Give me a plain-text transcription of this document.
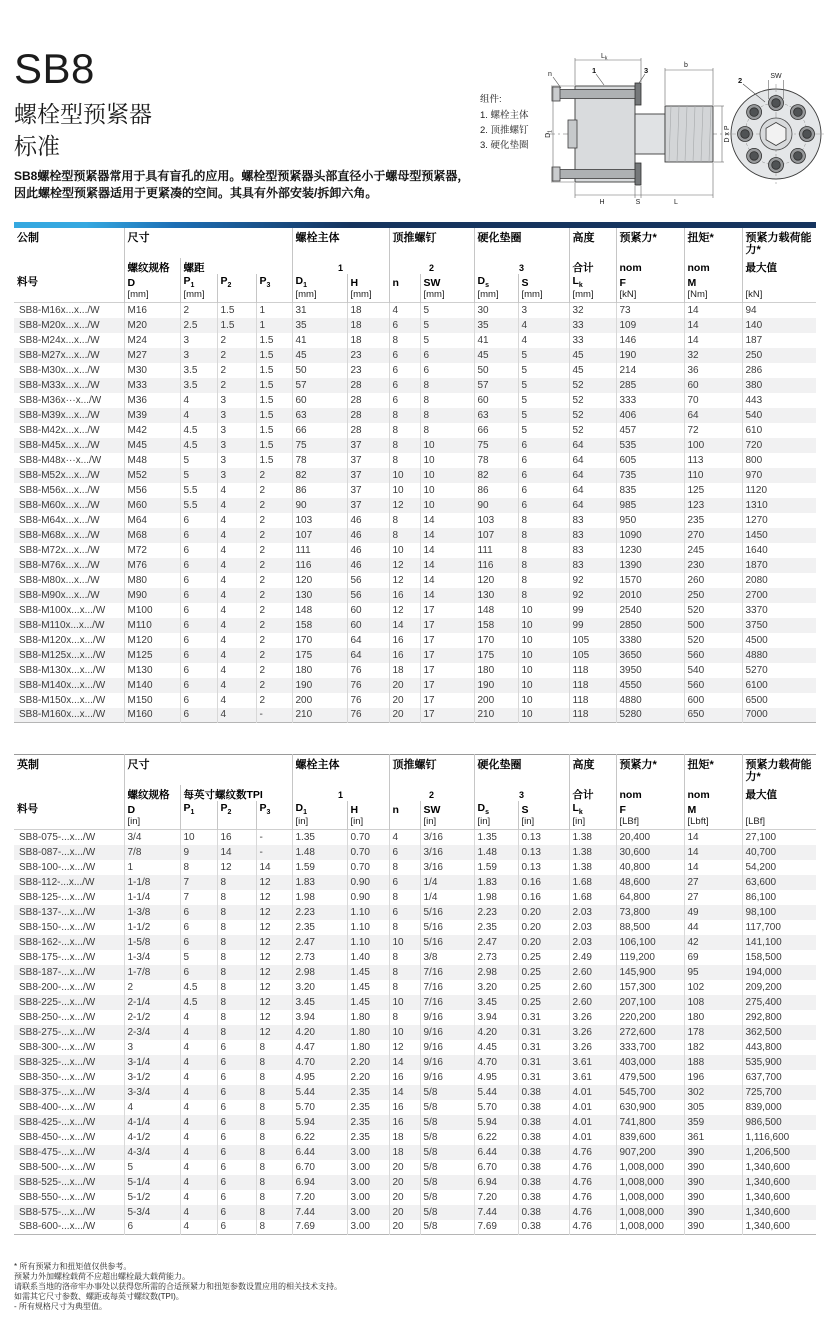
SB8
螺栓型预紧器
标准
SB8螺栓型预紧器常用于具有盲孔的应用。螺栓型预紧器头部直径小于螺母型预紧器，
因此螺栓型预紧器适用于更紧凑的空间。其具有外部安装/拆卸六角。
组件:
1. 螺栓主体
2. 顶推螺钉
3. 硬化垫圈
$L_k$
b
n	1	3
$D_1$	D x P
H	S	L
SW
2
公制	尺寸				螺栓主体		顶推螺钉		硬化垫圈		高度	预紧力*	扭矩*	预紧力载荷能力*
	螺纹规格	螺距			1		2		3		合计	nom	nom	最大值
料号	D	$P_1$	$P_2$	$P_3$	$D_1$	H	n	SW	$D_s$	S	$L_k$	F	M	
	[mm]	[mm]			[mm]	[mm]		[mm]	[mm]	[mm]	[mm]	[kN]	[Nm]	[kN]
SB8-M16x...x.../W	M16	2	1.5	1	31	18	4	5	30	3	32	73	14	94
SB8-M20x...x.../W	M20	2.5	1.5	1	35	18	6	5	35	4	33	109	14	140
SB8-M24x...x.../W	M24	3	2	1.5	41	18	8	5	41	4	33	146	14	187
SB8-M27x...x.../W	M27	3	2	1.5	45	23	6	6	45	5	45	190	32	250
SB8-M30x...x.../W	M30	3.5	2	1.5	50	23	6	6	50	5	45	214	36	286
SB8-M33x...x.../W	M33	3.5	2	1.5	57	28	6	8	57	5	52	285	60	380
SB8-M36x···x.../W	M36	4	3	1.5	60	28	6	8	60	5	52	333	70	443
SB8-M39x...x.../W	M39	4	3	1.5	63	28	8	8	63	5	52	406	64	540
SB8-M42x...x.../W	M42	4.5	3	1.5	66	28	8	8	66	5	52	457	72	610
SB8-M45x...x.../W	M45	4.5	3	1.5	75	37	8	10	75	6	64	535	100	720
SB8-M48x···x.../W	M48	5	3	1.5	78	37	8	10	78	6	64	605	113	800
SB8-M52x...x.../W	M52	5	3	2	82	37	10	10	82	6	64	735	110	970
SB8-M56x...x.../W	M56	5.5	4	2	86	37	10	10	86	6	64	835	125	1120
SB8-M60x...x.../W	M60	5.5	4	2	90	37	12	10	90	6	64	985	123	1310
SB8-M64x...x.../W	M64	6	4	2	103	46	8	14	103	8	83	950	235	1270
SB8-M68x...x.../W	M68	6	4	2	107	46	8	14	107	8	83	1090	270	1450
SB8-M72x...x.../W	M72	6	4	2	111	46	10	14	111	8	83	1230	245	1640
SB8-M76x...x.../W	M76	6	4	2	116	46	12	14	116	8	83	1390	230	1870
SB8-M80x...x.../W	M80	6	4	2	120	56	12	14	120	8	92	1570	260	2080
SB8-M90x...x.../W	M90	6	4	2	130	56	16	14	130	8	92	2010	250	2700
SB8-M100x...x.../W	M100	6	4	2	148	60	12	17	148	10	99	2540	520	3370
SB8-M110x...x.../W	M110	6	4	2	158	60	14	17	158	10	99	2850	500	3750
SB8-M120x...x.../W	M120	6	4	2	170	64	16	17	170	10	105	3380	520	4500
SB8-M125x...x.../W	M125	6	4	2	175	64	16	17	175	10	105	3650	560	4880
SB8-M130x...x.../W	M130	6	4	2	180	76	18	17	180	10	118	3950	540	5270
SB8-M140x...x.../W	M140	6	4	2	190	76	20	17	190	10	118	4550	560	6100
SB8-M150x...x.../W	M150	6	4	2	200	76	20	17	200	10	118	4880	600	6500
SB8-M160x...x.../W	M160	6	4	-	210	76	20	17	210	10	118	5280	650	7000
英制	尺寸				螺栓主体		顶推螺钉		硬化垫圈		高度	预紧力*	扭矩*	预紧力载荷能力*
	螺纹规格	每英寸螺纹数TPI			1		2		3		合计	nom	nom	最大值
料号	D	$P_1$	$P_2$	$P_3$	$D_1$	H	n	SW	$D_s$	S	$L_k$	F	M	
	[in]				[in]	[in]		[in]	[in]	[in]	[in]	[LBf]	[Lbft]	[LBf]
SB8-075-...x.../W	3/4	10	16	-	1.35	0.70	4	3/16	1.35	0.13	1.38	20,400	14	27,100
SB8-087-...x.../W	7/8	9	14	-	1.48	0.70	6	3/16	1.48	0.13	1.38	30,600	14	40,700
SB8-100-...x.../W	1	8	12	14	1.59	0.70	8	3/16	1.59	0.13	1.38	40,800	14	54,200
SB8-112-...x.../W	1-1/8	7	8	12	1.83	0.90	6	1/4	1.83	0.16	1.68	48,600	27	63,600
SB8-125-...x.../W	1-1/4	7	8	12	1.98	0.90	8	1/4	1.98	0.16	1.68	64,800	27	86,100
SB8-137-...x.../W	1-3/8	6	8	12	2.23	1.10	6	5/16	2.23	0.20	2.03	73,800	49	98,100
SB8-150-...x.../W	1-1/2	6	8	12	2.35	1.10	8	5/16	2.35	0.20	2.03	88,500	44	117,700
SB8-162-...x.../W	1-5/8	6	8	12	2.47	1.10	10	5/16	2.47	0.20	2.03	106,100	42	141,100
SB8-175-...x.../W	1-3/4	5	8	12	2.73	1.40	8	3/8	2.73	0.25	2.49	119,200	69	158,500
SB8-187-...x.../W	1-7/8	6	8	12	2.98	1.45	8	7/16	2.98	0.25	2.60	145,900	95	194,000
SB8-200-...x.../W	2	4.5	8	12	3.20	1.45	8	7/16	3.20	0.25	2.60	157,300	102	209,200
SB8-225-...x.../W	2-1/4	4.5	8	12	3.45	1.45	10	7/16	3.45	0.25	2.60	207,100	108	275,400
SB8-250-...x.../W	2-1/2	4	8	12	3.94	1.80	8	9/16	3.94	0.31	3.26	220,200	180	292,800
SB8-275-...x.../W	2-3/4	4	8	12	4.20	1.80	10	9/16	4.20	0.31	3.26	272,600	178	362,500
SB8-300-...x.../W	3	4	6	8	4.47	1.80	12	9/16	4.45	0.31	3.26	333,700	182	443,800
SB8-325-...x.../W	3-1/4	4	6	8	4.70	2.20	14	9/16	4.70	0.31	3.61	403,000	188	535,900
SB8-350-...x.../W	3-1/2	4	6	8	4.95	2.20	16	9/16	4.95	0.31	3.61	479,500	196	637,700
SB8-375-...x.../W	3-3/4	4	6	8	5.44	2.35	14	5/8	5.44	0.38	4.01	545,700	302	725,700
SB8-400-...x.../W	4	4	6	8	5.70	2.35	16	5/8	5.70	0.38	4.01	630,900	305	839,000
SB8-425-...x.../W	4-1/4	4	6	8	5.94	2.35	16	5/8	5.94	0.38	4.01	741,800	359	986,500
SB8-450-...x.../W	4-1/2	4	6	8	6.22	2.35	18	5/8	6.22	0.38	4.01	839,600	361	1,116,600
SB8-475-...x.../W	4-3/4	4	6	8	6.44	3.00	18	5/8	6.44	0.38	4.76	907,200	390	1,206,500
SB8-500-...x.../W	5	4	6	8	6.70	3.00	20	5/8	6.70	0.38	4.76	1,008,000	390	1,340,600
SB8-525-...x.../W	5-1/4	4	6	8	6.94	3.00	20	5/8	6.94	0.38	4.76	1,008,000	390	1,340,600
SB8-550-...x.../W	5-1/2	4	6	8	7.20	3.00	20	5/8	7.20	0.38	4.76	1,008,000	390	1,340,600
SB8-575-...x.../W	5-3/4	4	6	8	7.44	3.00	20	5/8	7.44	0.38	4.76	1,008,000	390	1,340,600
SB8-600-...x.../W	6	4	6	8	7.69	3.00	20	5/8	7.69	0.38	4.76	1,008,000	390	1,340,600
* 所有预紧力和扭矩值仅供参考。
预紧力外加螺栓载荷不应超出螺栓最大载荷能力。
请联系当地的洛帝牢办事处以获得您所需的合适预紧力和扭矩参数设置应用的相关技术支持。
如需其它尺寸参数、螺距或每英寸螺纹数(TPI)。
- 所有规格尺寸为典型值。
